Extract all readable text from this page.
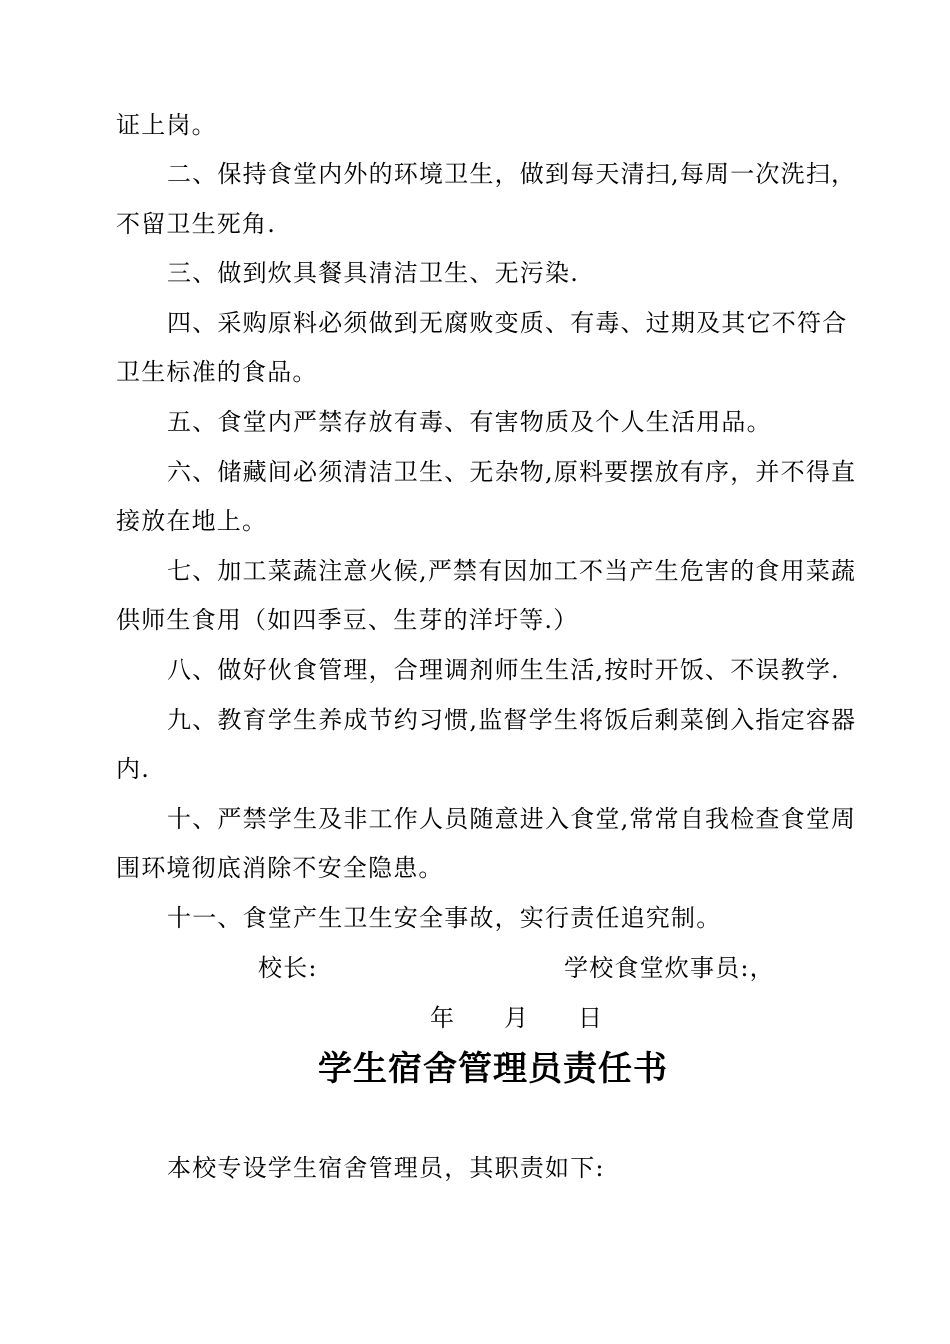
证上岗。
二、保持食堂内外的环境卫生，做到每天清扫,每周一次洗扫，
不留卫生死角.
三、做到炊具餐具清洁卫生、无污染.
四、采购原料必须做到无腐败变质、有毒、过期及其它不符合
卫生标准的食品。
五、食堂内严禁存放有毒、有害物质及个人生活用品。
六、储藏间必须清洁卫生、无杂物,原料要摆放有序，并不得直
接放在地上。
七、加工菜蔬注意火候,严禁有因加工不当产生危害的食用菜蔬
供师生食用（如四季豆、生芽的洋圩等.）
八、做好伙食管理，合理调剂师生生活,按时开饭、不误教学.
九、教育学生养成节约习惯,监督学生将饭后剩菜倒入指定容器
内.
十、严禁学生及非工作人员随意进入食堂,常常自我检查食堂周
围环境彻底消除不安全隐患。
十一、食堂产生卫生安全事故，实行责任追究制。
校长:	学校食堂炊事员:，
年 月 日
学生宿舍管理员责任书
本校专设学生宿舍管理员，其职责如下:
